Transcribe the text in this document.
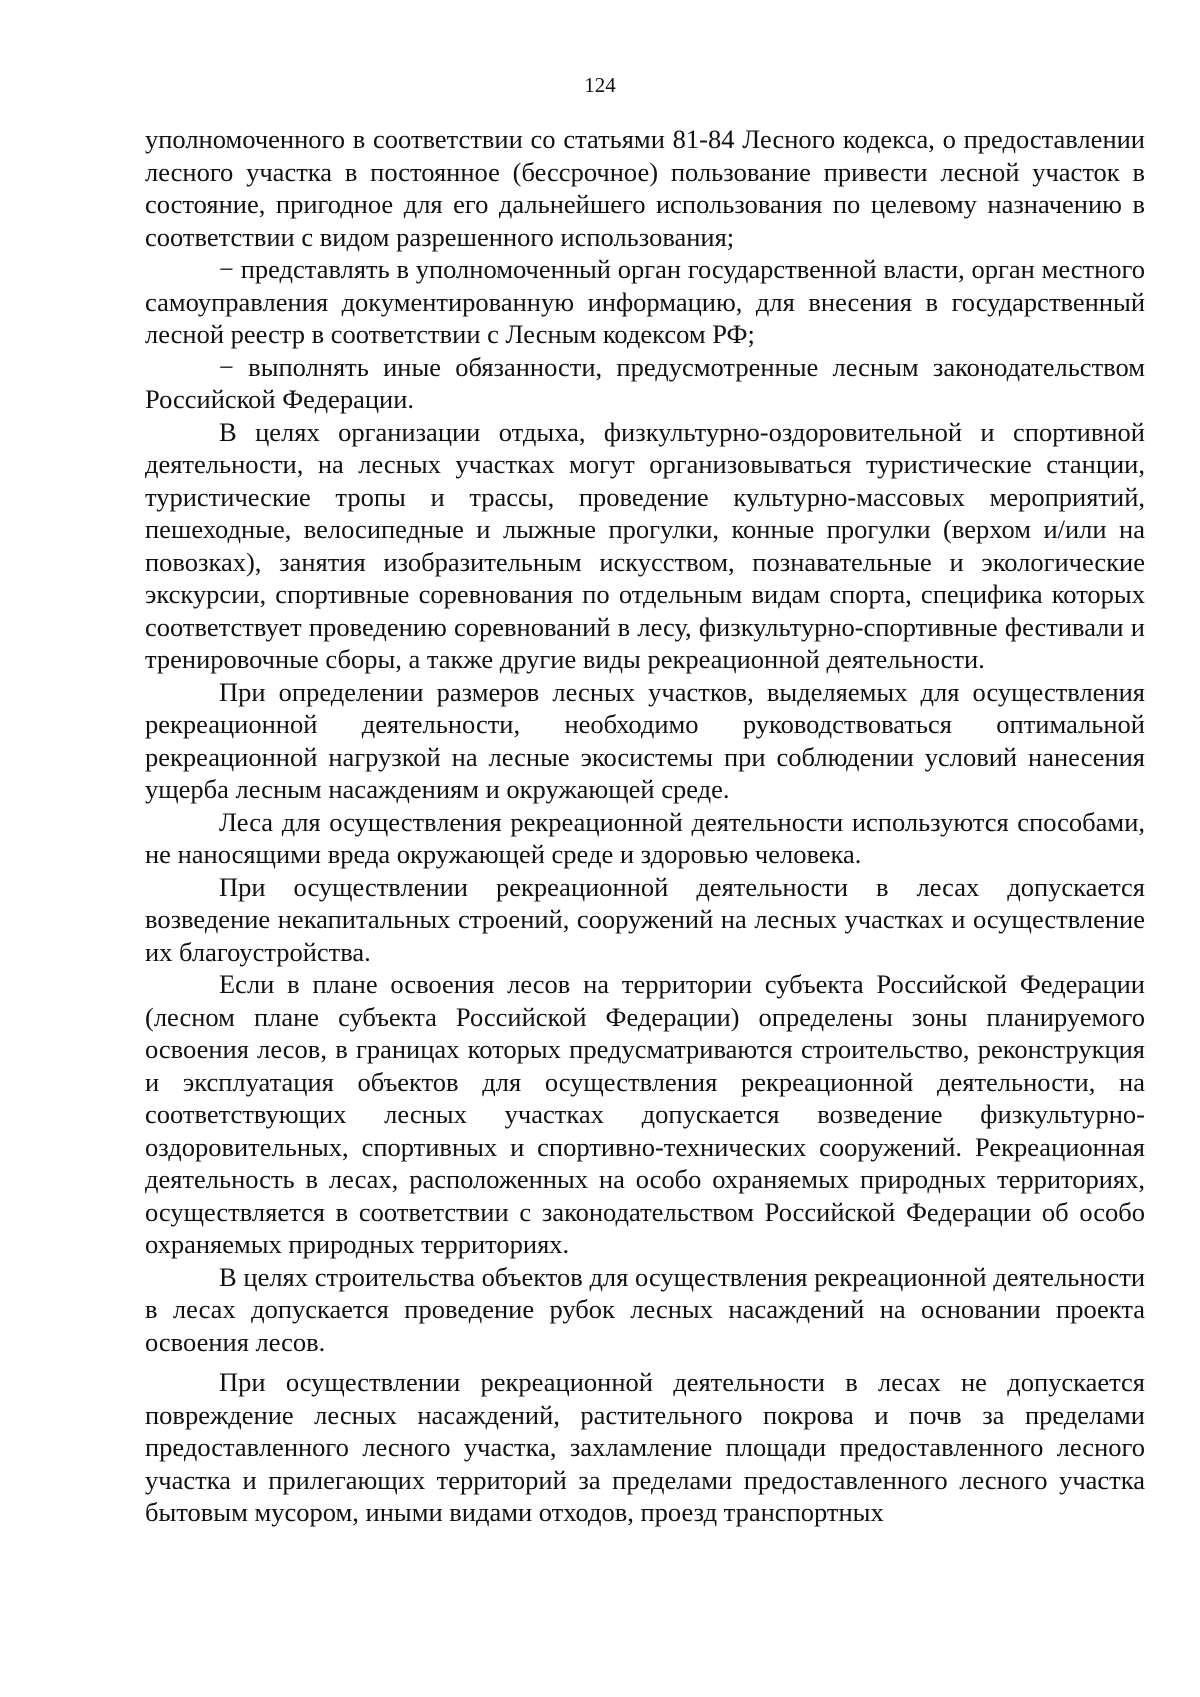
124

уполномоченного в соответствии со статьями 81-84 Лесного кодекса, о предоставлении лесного участка в постоянное (бессрочное) пользование привести лесной участок в состояние, пригодное для его дальнейшего использования по целевому назначению в соответствии с видом разрешенного использования;

− представлять в уполномоченный орган государственной власти, орган местного самоуправления документированную информацию, для внесения в государственный лесной реестр в соответствии с Лесным кодексом РФ;

− выполнять иные обязанности, предусмотренные лесным законодательством Российской Федерации.

В целях организации отдыха, физкультурно-оздоровительной и спортивной деятельности, на лесных участках могут организовываться туристические станции, туристические тропы и трассы, проведение культурно-массовых мероприятий, пешеходные, велосипедные и лыжные прогулки, конные прогулки (верхом и/или на повозках), занятия изобразительным искусством, познавательные и экологические экскурсии, спортивные соревнования по отдельным видам спорта, специфика которых соответствует проведению соревнований в лесу, физкультурно-спортивные фестивали и тренировочные сборы, а также другие виды рекреационной деятельности.

При определении размеров лесных участков, выделяемых для осуществления рекреационной деятельности, необходимо руководствоваться оптимальной рекреационной нагрузкой на лесные экосистемы при соблюдении условий нанесения ущерба лесным насаждениям и окружающей среде.

Леса для осуществления рекреационной деятельности используются способами, не наносящими вреда окружающей среде и здоровью человека.

При осуществлении рекреационной деятельности в лесах допускается возведение некапитальных строений, сооружений на лесных участках и осуществление их благоустройства.

Если в плане освоения лесов на территории субъекта Российской Федерации (лесном плане субъекта Российской Федерации) определены зоны планируемого освоения лесов, в границах которых предусматриваются строительство, реконструкция и эксплуатация объектов для осуществления рекреационной деятельности, на соответствующих лесных участках допускается возведение физкультурно-оздоровительных, спортивных и спортивно-технических сооружений. Рекреационная деятельность в лесах, расположенных на особо охраняемых природных территориях, осуществляется в соответствии с законодательством Российской Федерации об особо охраняемых природных территориях.

В целях строительства объектов для осуществления рекреационной деятельности в лесах допускается проведение рубок лесных насаждений на основании проекта освоения лесов.

При осуществлении рекреационной деятельности в лесах не допускается повреждение лесных насаждений, растительного покрова и почв за пределами предоставленного лесного участка, захламление площади предоставленного лесного участка и прилегающих территорий за пределами предоставленного лесного участка бытовым мусором, иными видами отходов, проезд транспортных
